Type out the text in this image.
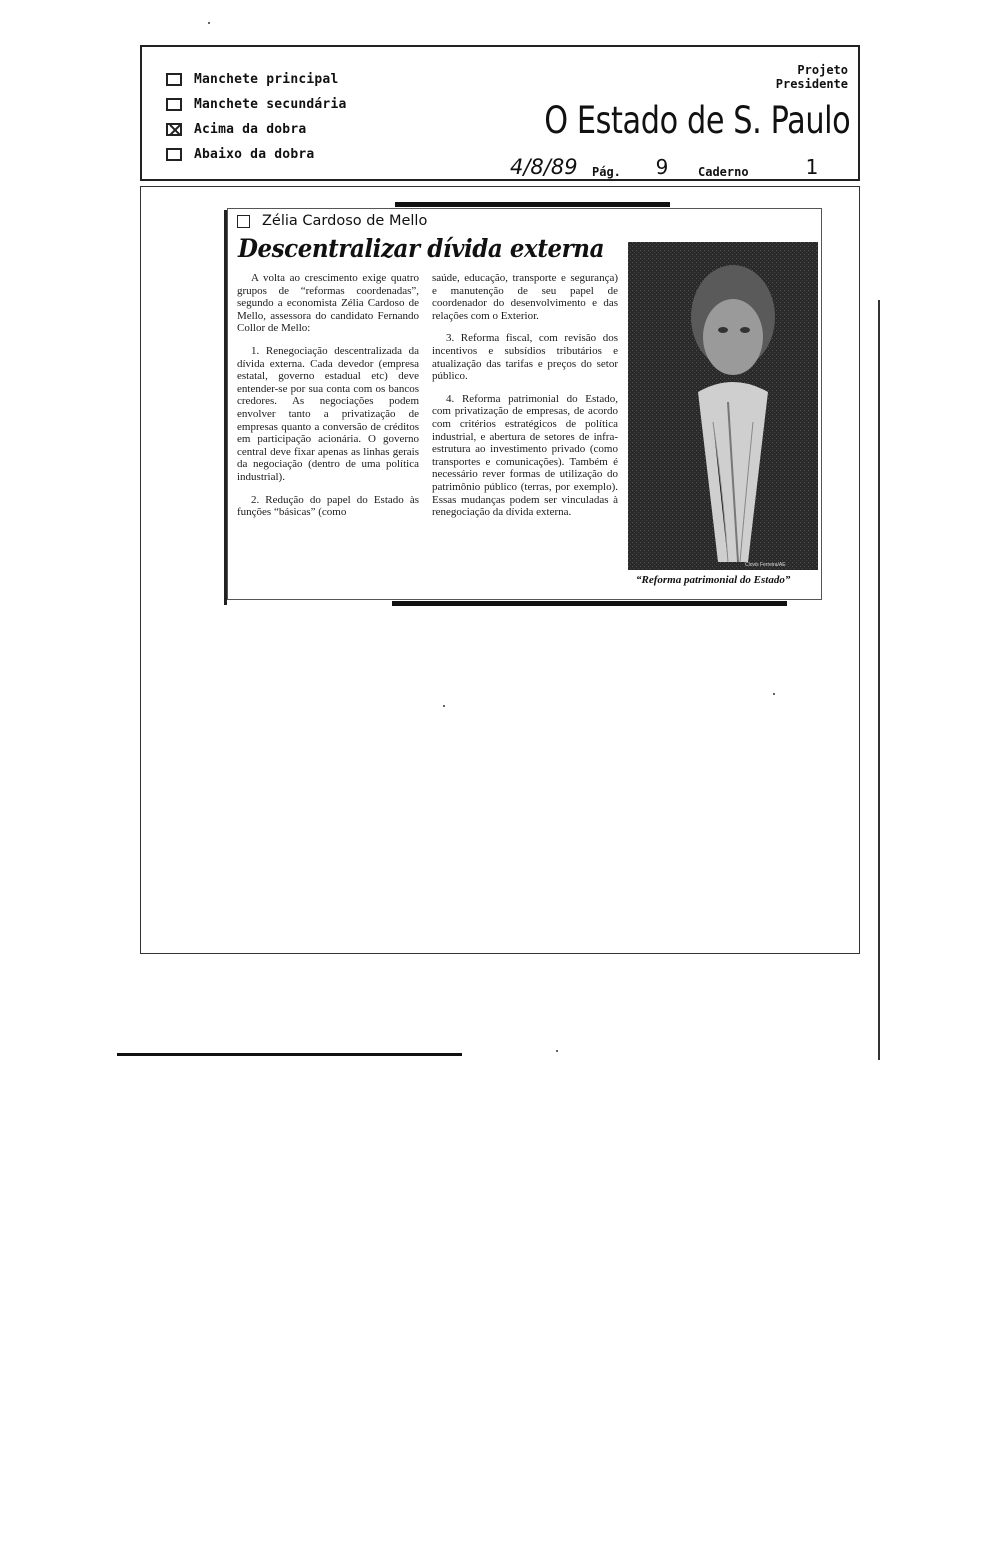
Manchete principal
Manchete secundária
Acima da dobra
Abaixo da dobra
Projeto
Presidente
O Estado de S. Paulo
4/8/89 Pág.	9	Caderno	1
Zélia Cardoso de Mello
Descentralizar dívida externa

A volta ao crescimento exige quatro grupos de “reformas coordenadas”, segundo a economista Zélia Cardoso de Mello, assessora do candidato Fernando Collor de Mello:

1. Renegociação descentralizada da dívida externa. Cada devedor (empresa estatal, governo estadual etc) deve entender-se por sua conta com os bancos credores. As negociações podem envolver tanto a privatização de empresas quanto a conversão de créditos em participação acionária. O governo central deve fixar apenas as linhas gerais da negociação (dentro de uma política industrial).

2. Redução do papel do Estado às funções “básicas” (como

saúde, educação, transporte e segurança) e manutenção de seu papel de coordenador do desenvolvimento e das relações com o Exterior.

3. Reforma fiscal, com revisão dos incentivos e subsídios tributários e atualização das tarifas e preços do setor público.

4. Reforma patrimonial do Estado, com privatização de empresas, de acordo com critérios estratégicos de política industrial, e abertura de setores de infra-estrutura ao investimento privado (como transportes e comunicações). Também é necessário rever formas de utilização do patrimônio público (terras, por exemplo). Essas mudanças podem ser vinculadas à renegociação da dívida externa.

Clovis Ferreira/AE
“Reforma patrimonial do Estado”
